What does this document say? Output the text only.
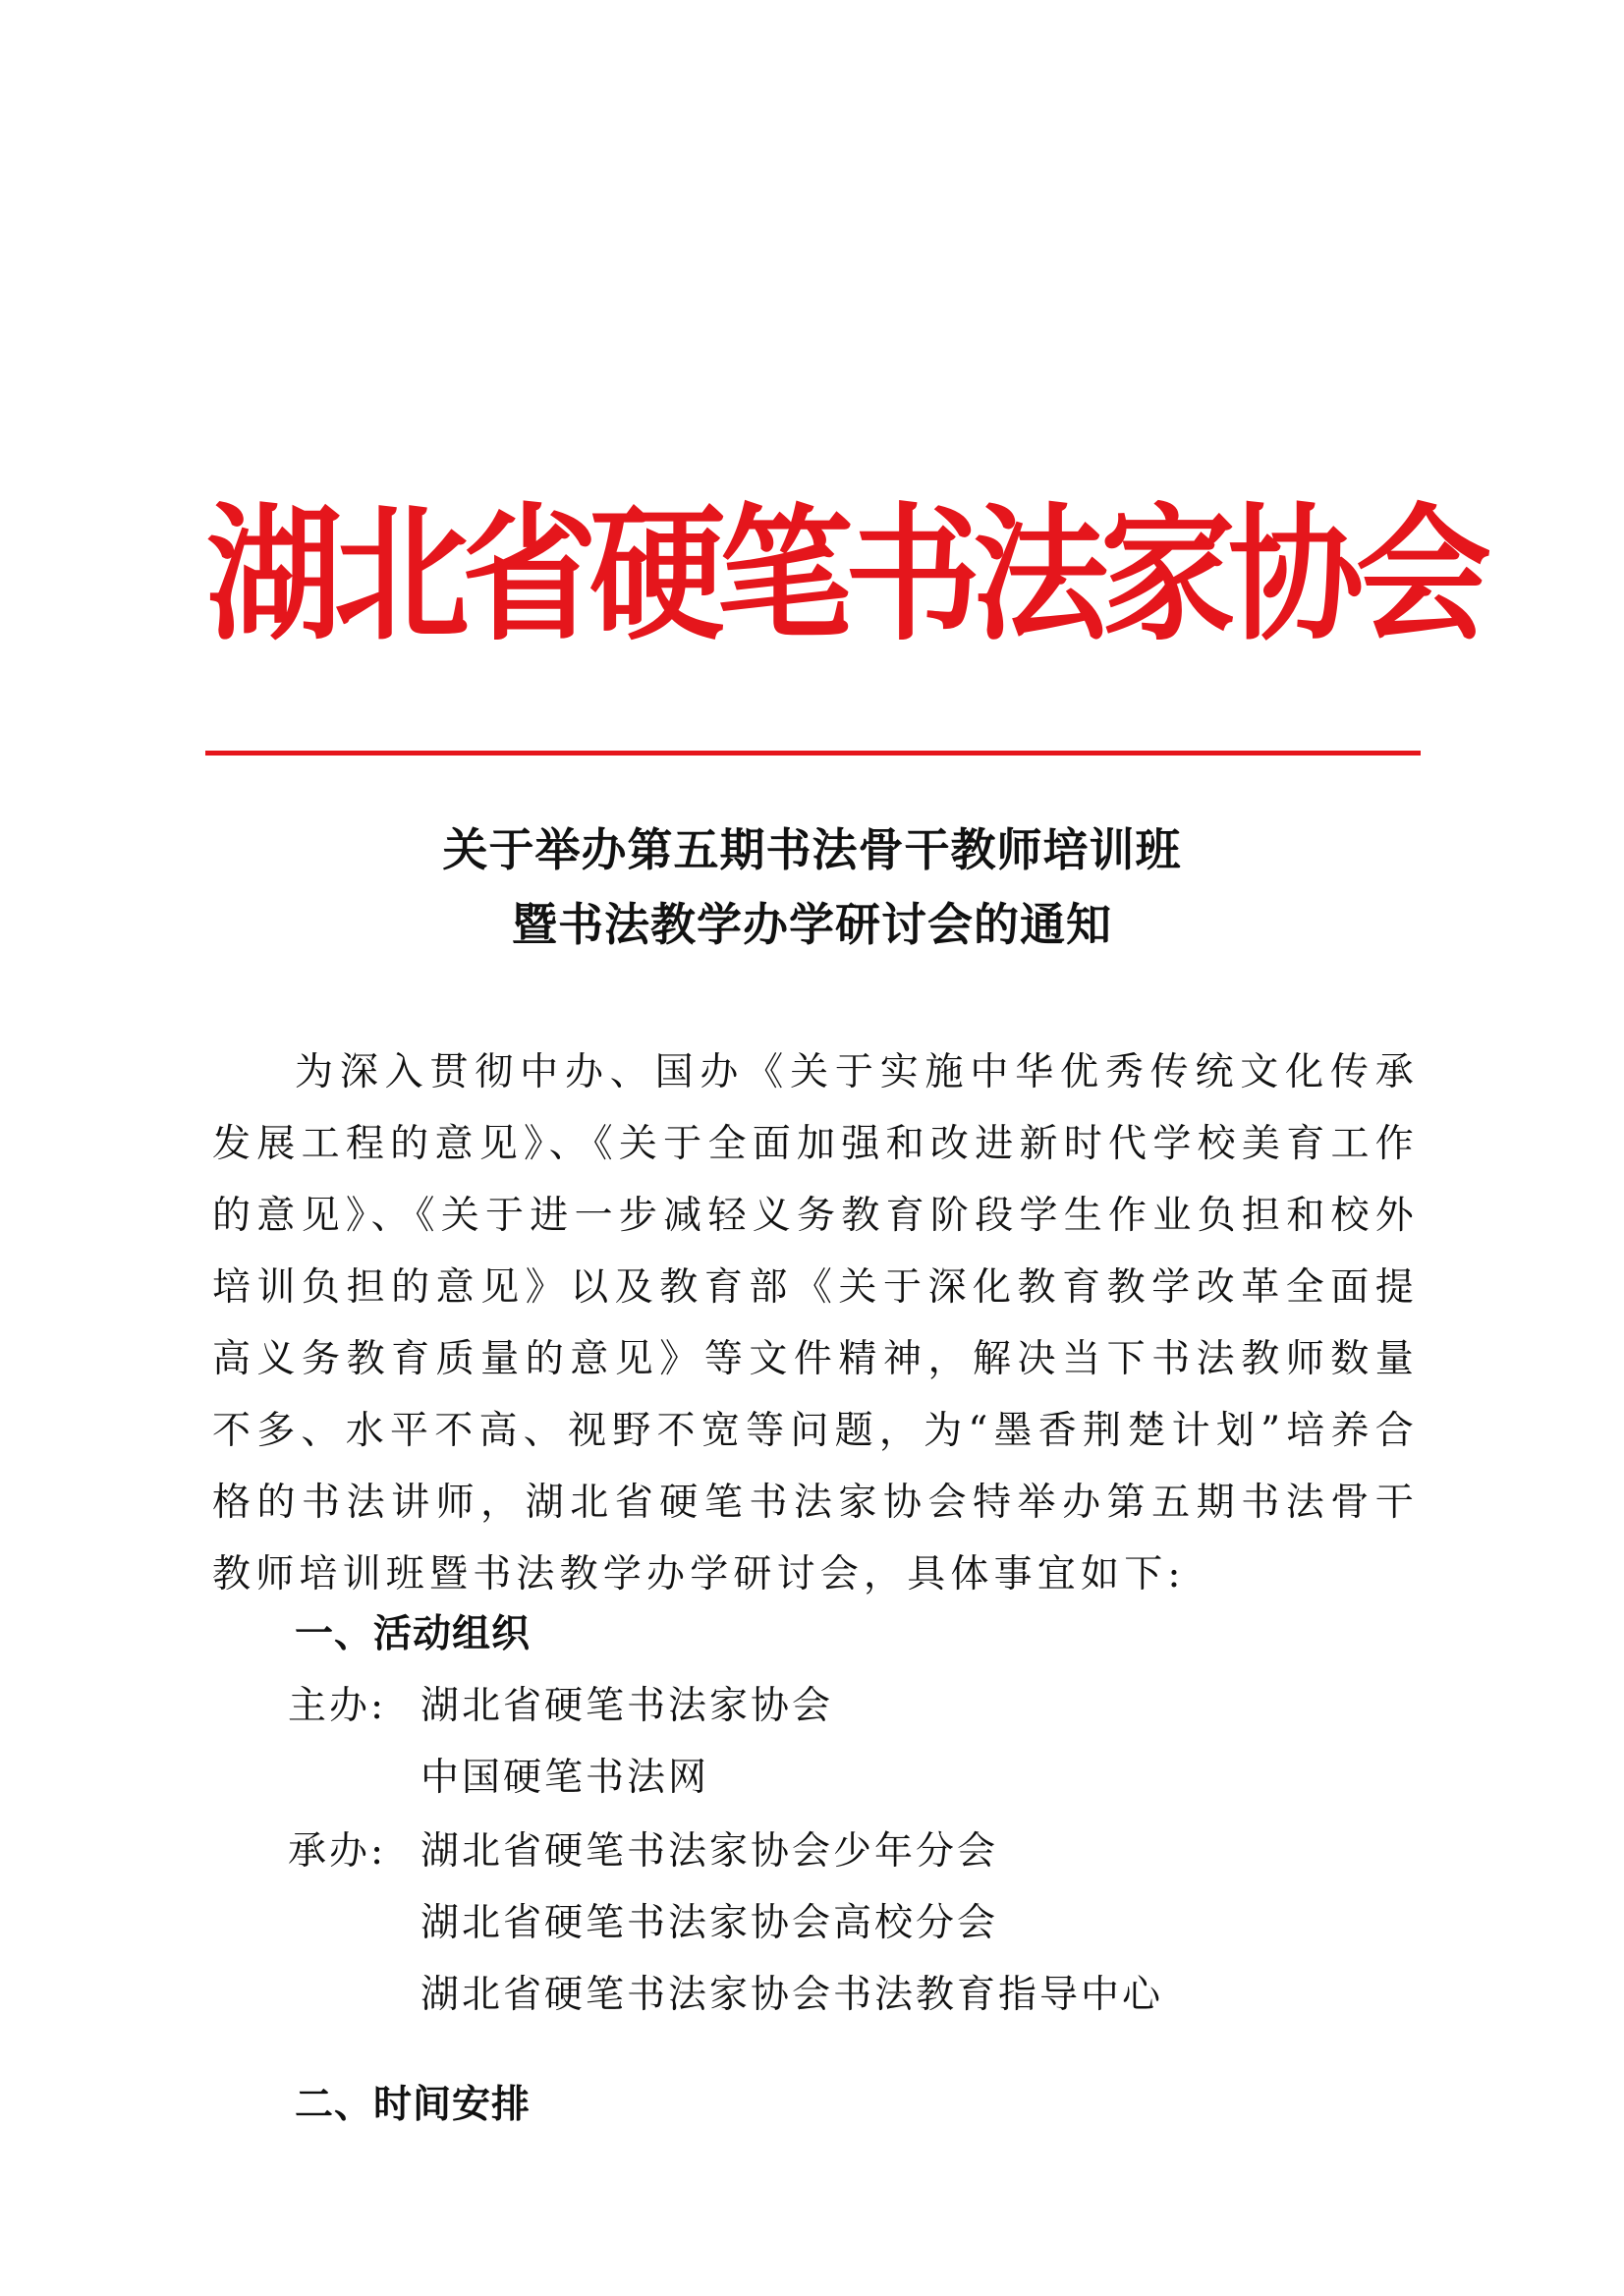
湖
北
省
硬
笔
书
法
家
协
会
关于举办第五期书法骨干教师培训班
暨书法教学办学研讨会的通知

为深入贯彻中办、国办《关于实施中华优秀传统文化传承发展工程的意见》、《关于全面加强和改进新时代学校美育工作的意见》、《关于进一步减轻义务教育阶段学生作业负担和校外培训负担的意见》以及教育部《关于深化教育教学改革全面提高义务教育质量的意见》等文件精神，解决当下书法教师数量不多、水平不高、视野不宽等问题，为“墨香荆楚计划”培养合格的书法讲师，湖北省硬笔书法家协会特举办第五期书法骨干教师培训班暨书法教学办学研讨会，具体事宜如下:

一、活动组织

主办: 湖北省硬笔书法家协会

中国硬笔书法网

承办: 湖北省硬笔书法家协会少年分会

湖北省硬笔书法家协会高校分会

湖北省硬笔书法家协会书法教育指导中心

二、时间安排
